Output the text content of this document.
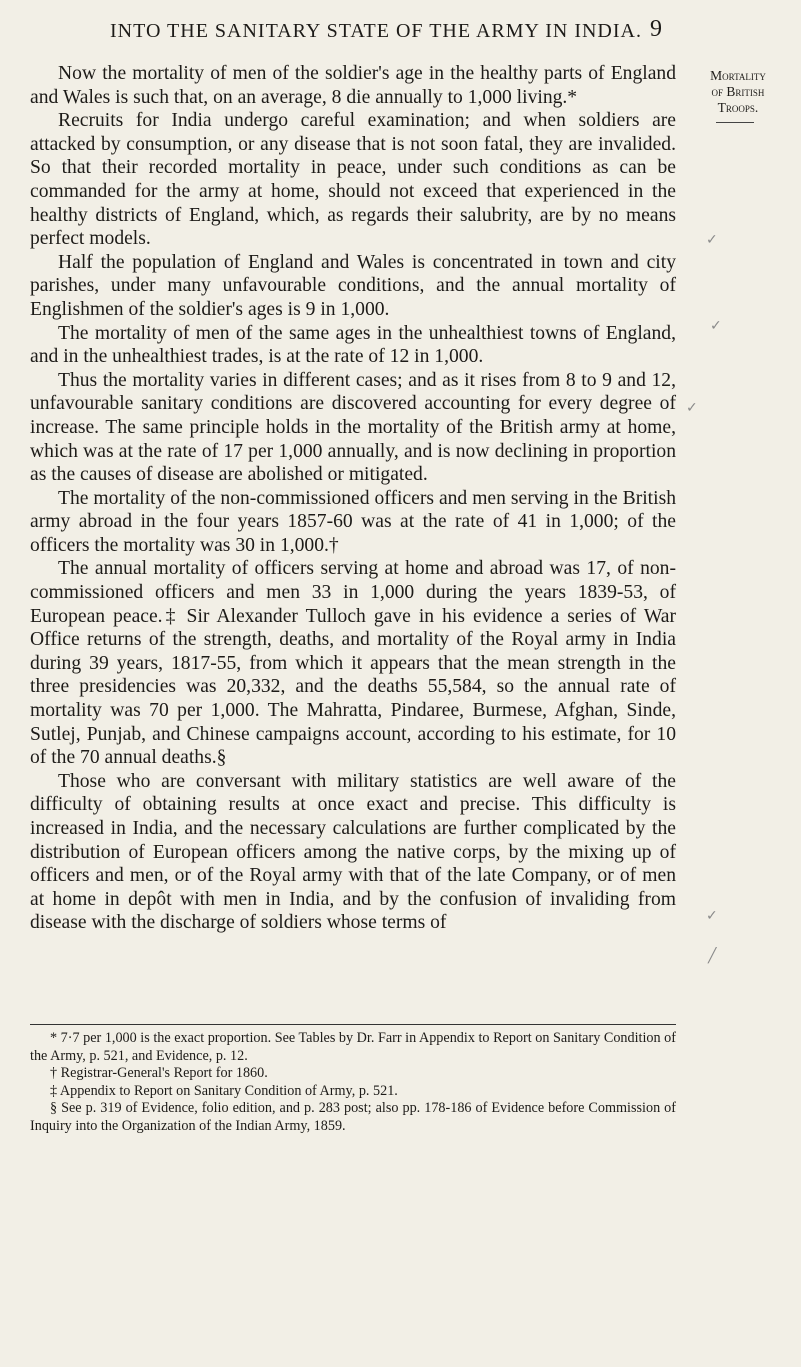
INTO THE SANITARY STATE OF THE ARMY IN INDIA. 9
Mortality
of British
Troops.

Now the mortality of men of the soldier's age in the healthy parts of England and Wales is such that, on an average, 8 die annually to 1,000 living.*

Recruits for India undergo careful examination; and when soldiers are attacked by consumption, or any disease that is not soon fatal, they are invalided. So that their recorded mortality in peace, under such conditions as can be commanded for the army at home, should not exceed that experienced in the healthy districts of England, which, as regards their salubrity, are by no means perfect models.

Half the population of England and Wales is concentrated in town and city parishes, under many unfavourable conditions, and the annual mortality of Englishmen of the soldier's ages is 9 in 1,000.

The mortality of men of the same ages in the unhealthiest towns of England, and in the unhealthiest trades, is at the rate of 12 in 1,000.

Thus the mortality varies in different cases; and as it rises from 8 to 9 and 12, unfavourable sanitary conditions are discovered accounting for every degree of increase. The same principle holds in the mortality of the British army at home, which was at the rate of 17 per 1,000 annually, and is now declining in proportion as the causes of disease are abolished or mitigated.

The mortality of the non-commissioned officers and men serving in the British army abroad in the four years 1857-60 was at the rate of 41 in 1,000; of the officers the mortality was 30 in 1,000.†

The annual mortality of officers serving at home and abroad was 17, of non-commissioned officers and men 33 in 1,000 during the years 1839-53, of European peace.‡ Sir Alexander Tulloch gave in his evidence a series of War Office returns of the strength, deaths, and mortality of the Royal army in India during 39 years, 1817-55, from which it appears that the mean strength in the three presidencies was 20,332, and the deaths 55,584, so the annual rate of mortality was 70 per 1,000. The Mahratta, Pindaree, Burmese, Afghan, Sinde, Sutlej, Punjab, and Chinese campaigns account, according to his estimate, for 10 of the 70 annual deaths.§

Those who are conversant with military statistics are well aware of the difficulty of obtaining results at once exact and precise. This difficulty is increased in India, and the necessary calculations are further complicated by the distribution of European officers among the native corps, by the mixing up of officers and men, or of the Royal army with that of the late Company, or of men at home in depôt with men in India, and by the confusion of invaliding from disease with the discharge of soldiers whose terms of

* 7·7 per 1,000 is the exact proportion. See Tables by Dr. Farr in Appendix to Report on Sanitary Condition of the Army, p. 521, and Evidence, p. 12.

† Registrar-General's Report for 1860.

‡ Appendix to Report on Sanitary Condition of Army, p. 521.

§ See p. 319 of Evidence, folio edition, and p. 283 post; also pp. 178-186 of Evidence before Commission of Inquiry into the Organization of the Indian Army, 1859.

✓
✓
✓
✓
╱
